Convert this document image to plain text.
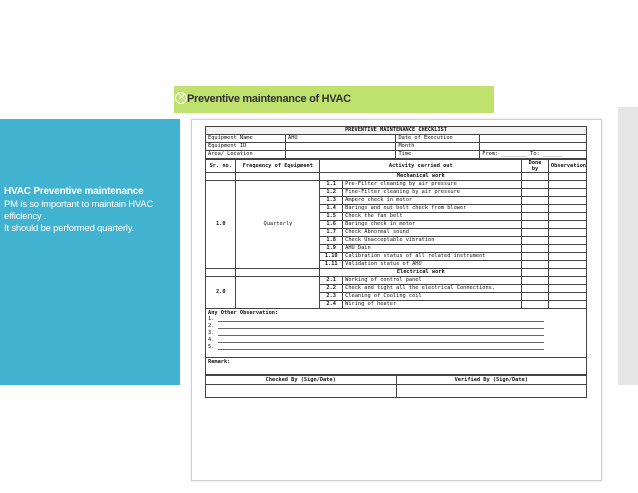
HVAC Preventive maintenance
PM is so important to maintain HVAC
efficiency .
It should be performed quarterly.
×
Preventive maintenance of HVAC
PREVENTIVE MAINTENANCE CHECKLIST			
Equipment Name	AHU	Date of Execution	
Equipment ID		Month	
Area/ Location		Time	From: ________ To: ______
Sr. no.	Frequency of Equipment	Activity carried out		Done by	Observation
		Mechanical work			
1.0	Quarterly	1.1	Pre-Filter cleaning by air pressure		
		1.2	Fine-Filter cleaning by air pressure		
		1.3	Ampere check in motor		
		1.4	Barings and nut bolt check from blower		
		1.5	Check the fan belt		
		1.6	Barings check in motor		
		1.7	Check Abnormal sound		
		1.8	Check Unacceptable vibration		
		1.9	AHU Dain		
		1.10	Calibration status of all related instrument		
		1.11	Validation status of AHU		
		Electrical work			
2.0		2.1	Working of control panel		
		2.2	Check and tight all the electrical Connections.		
		2.3	Cleaning of Cooling coil		
		2.4	Wiring of heater		
Any Other Observation:
1.
2.
3.
4.
5.
Remark:
Checked By (Sign/Date)	Verified By (Sign/Date)
